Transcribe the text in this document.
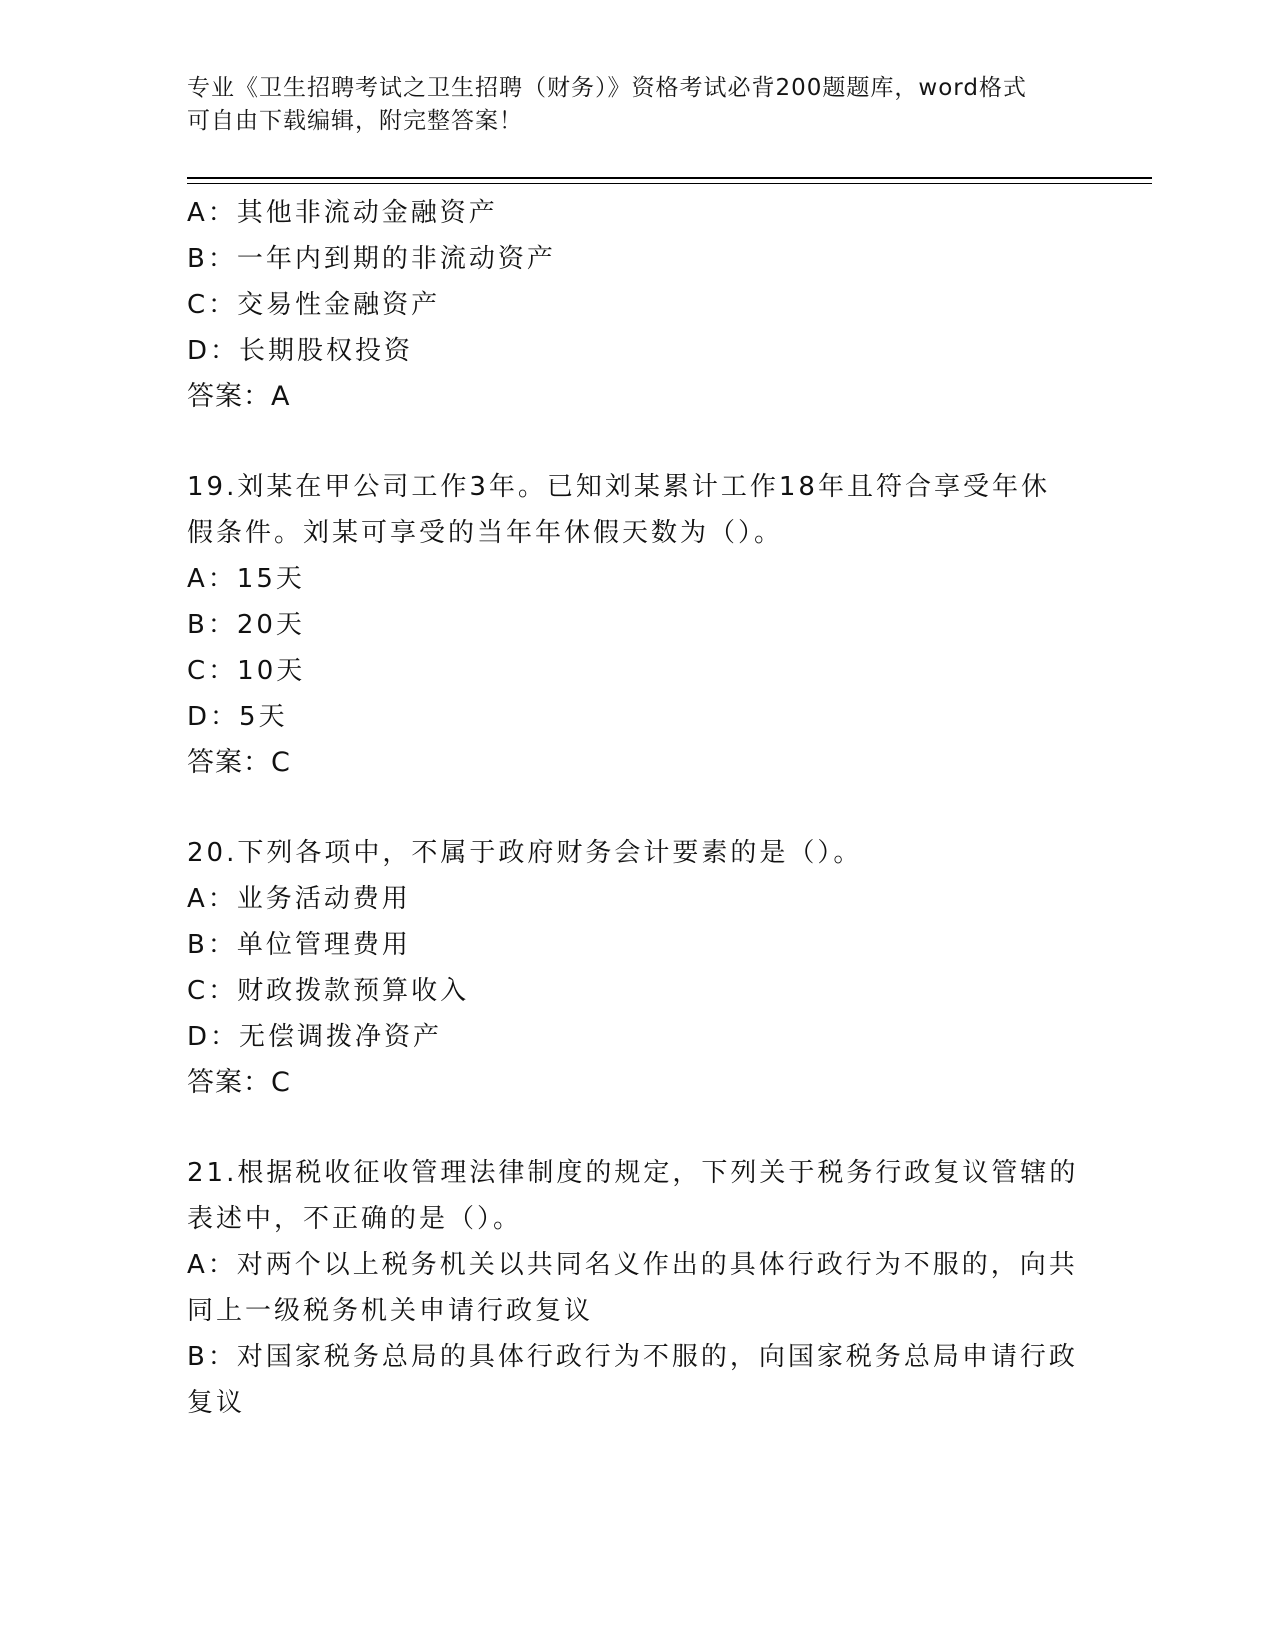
专业《卫生招聘考试之卫生招聘（财务）》资格考试必背200题题库，word格式
可自由下载编辑，附完整答案！
A：其他非流动金融资产
B：一年内到期的非流动资产
C：交易性金融资产
D：长期股权投资
答案：A
19.刘某在甲公司工作3年。已知刘某累计工作18年且符合享受年休
假条件。刘某可享受的当年年休假天数为（）。
A：15天
B：20天
C：10天
D：5天
答案：C
20.下列各项中，不属于政府财务会计要素的是（）。
A：业务活动费用
B：单位管理费用
C：财政拨款预算收入
D：无偿调拨净资产
答案：C
21.根据税收征收管理法律制度的规定，下列关于税务行政复议管辖的
表述中，不正确的是（）。
A：对两个以上税务机关以共同名义作出的具体行政行为不服的，向共
同上一级税务机关申请行政复议
B：对国家税务总局的具体行政行为不服的，向国家税务总局申请行政
复议
